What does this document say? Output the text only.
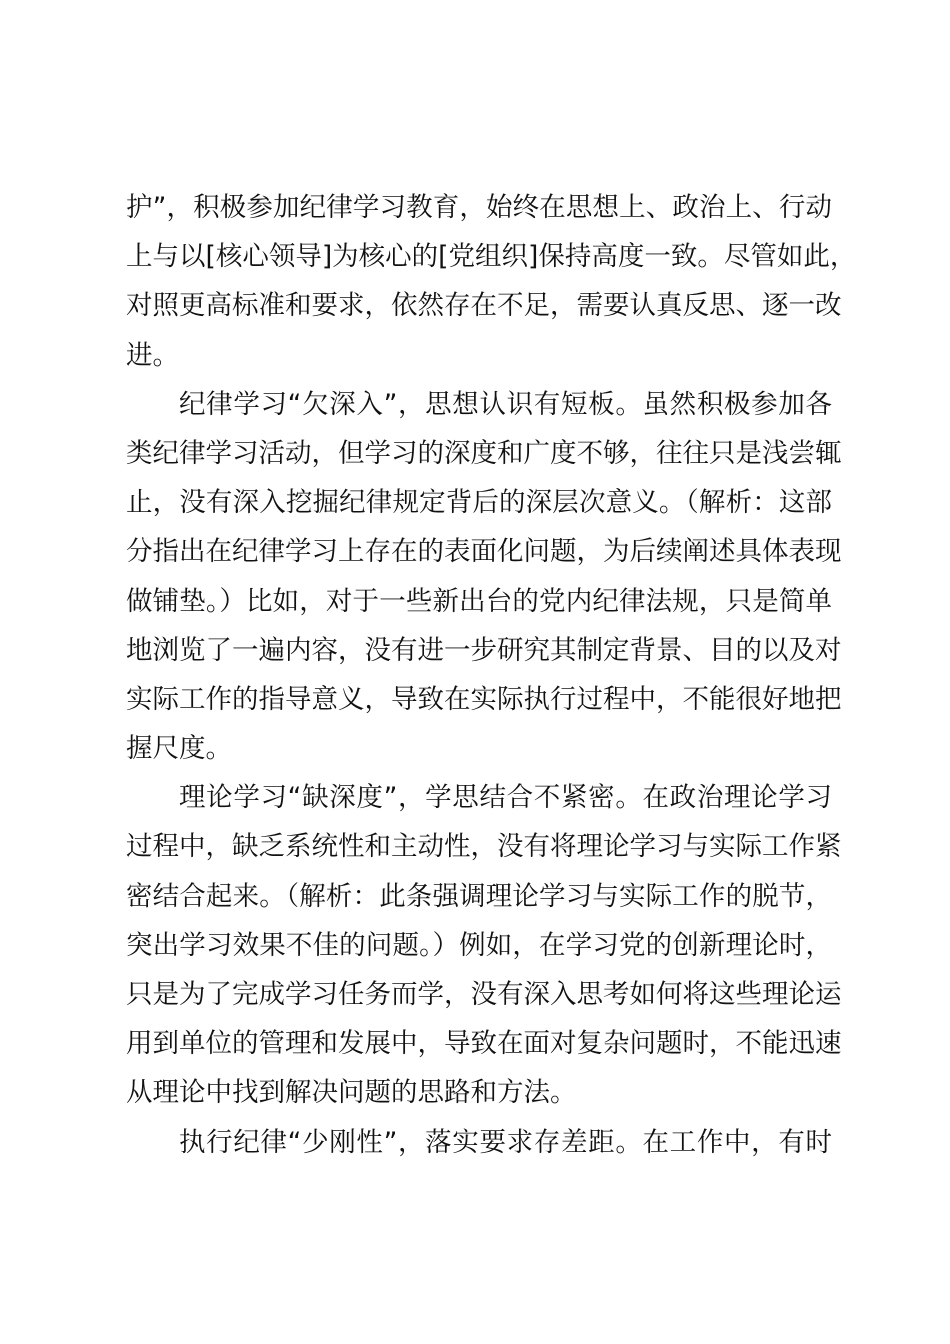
护”，积极参加纪律学习教育，始终在思想上、政治上、行动
上与以[核心领导]为核心的[党组织]保持高度一致。尽管如此，
对照更高标准和要求，依然存在不足，需要认真反思、逐一改
进。
纪律学习“欠深入”，思想认识有短板。虽然积极参加各
类纪律学习活动，但学习的深度和广度不够，往往只是浅尝辄
止，没有深入挖掘纪律规定背后的深层次意义。（解析：这部
分指出在纪律学习上存在的表面化问题，为后续阐述具体表现
做铺垫。）比如，对于一些新出台的党内纪律法规，只是简单
地浏览了一遍内容，没有进一步研究其制定背景、目的以及对
实际工作的指导意义，导致在实际执行过程中，不能很好地把
握尺度。
理论学习“缺深度”，学思结合不紧密。在政治理论学习
过程中，缺乏系统性和主动性，没有将理论学习与实际工作紧
密结合起来。（解析：此条强调理论学习与实际工作的脱节，
突出学习效果不佳的问题。）例如，在学习党的创新理论时，
只是为了完成学习任务而学，没有深入思考如何将这些理论运
用到单位的管理和发展中，导致在面对复杂问题时，不能迅速
从理论中找到解决问题的思路和方法。
执行纪律“少刚性”，落实要求存差距。在工作中，有时
